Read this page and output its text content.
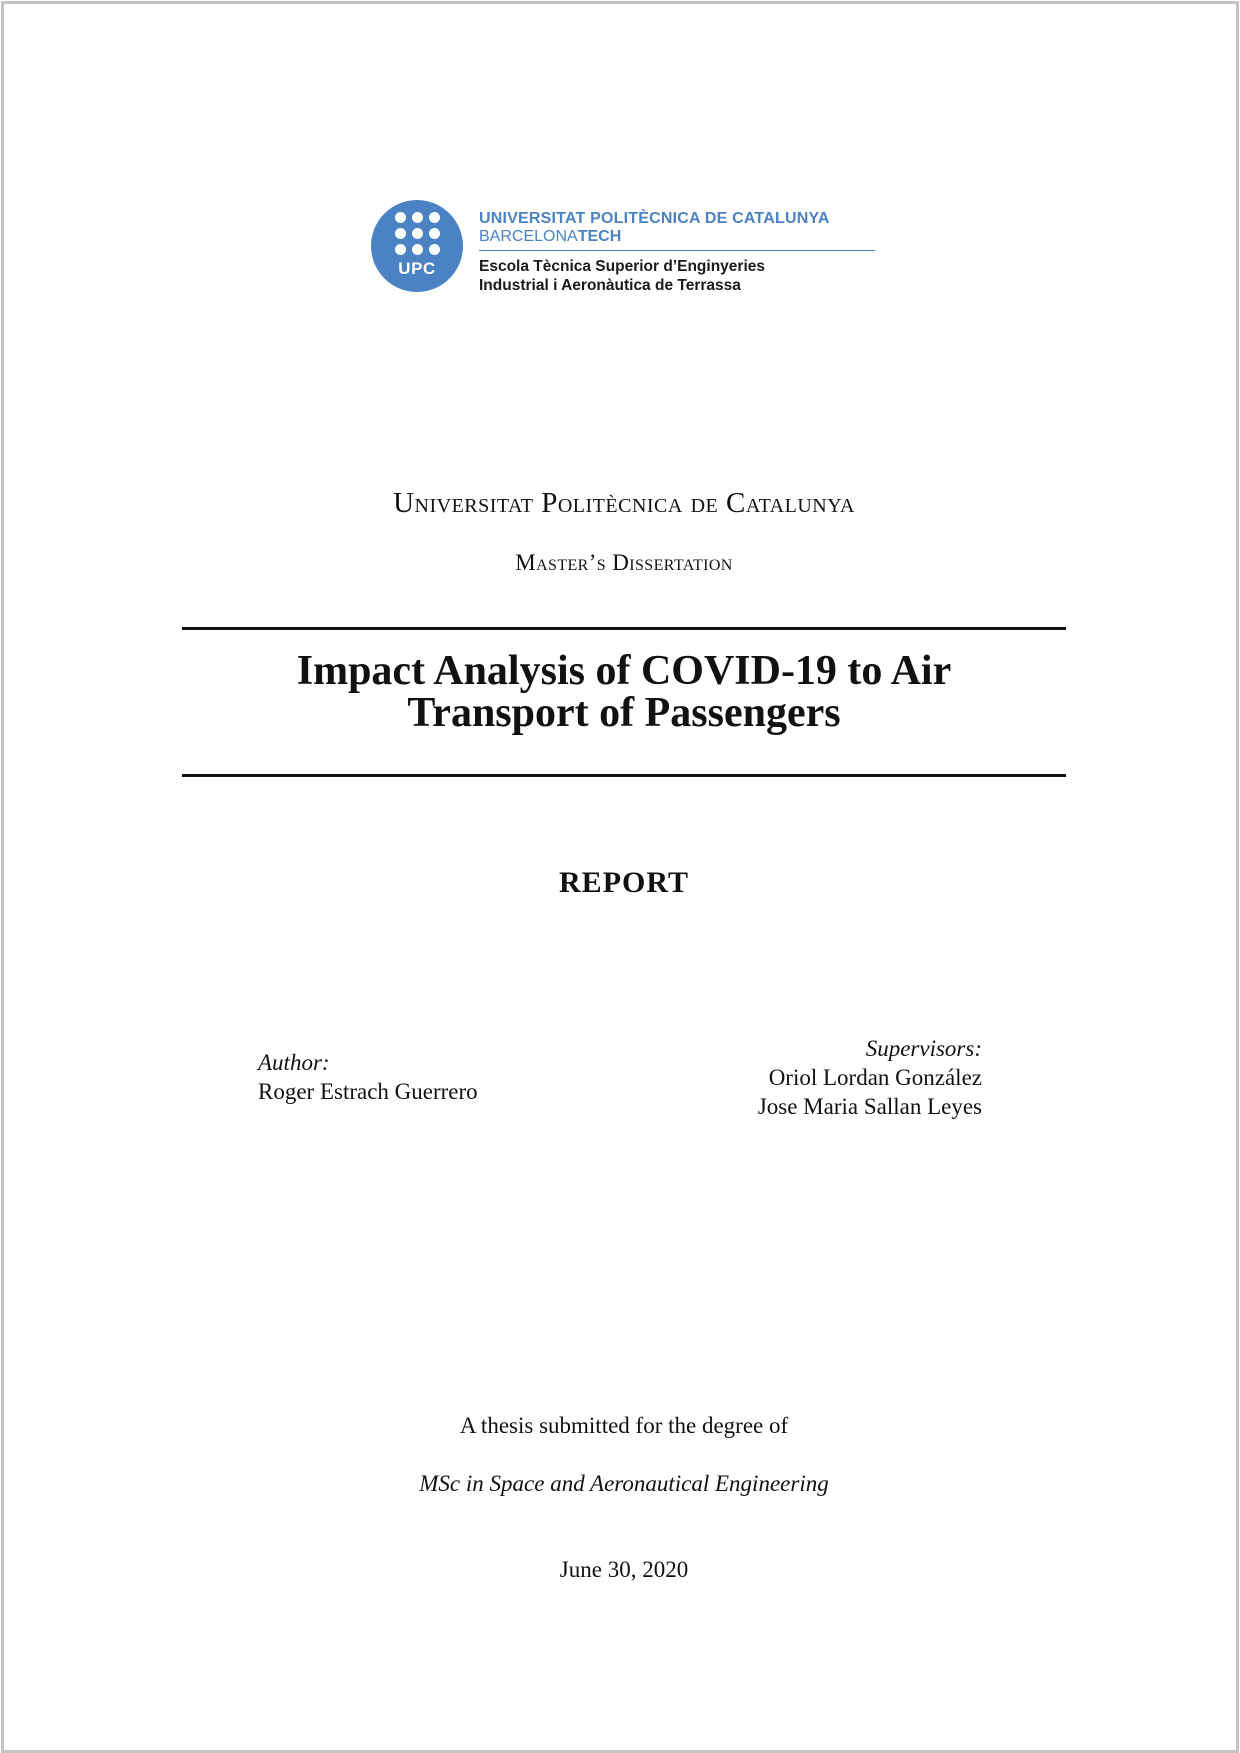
UPC
UNIVERSITAT POLITÈCNICA DE CATALUNYA
BARCELONATECH
Escola Tècnica Superior d’Enginyeries
Industrial i Aeronàutica de Terrassa
Universitat Politècnica de Catalunya
Master’s Dissertation
Impact Analysis of COVID-19 to Air
Transport of Passengers
REPORT
Author:
Roger Estrach Guerrero
Supervisors:
Oriol Lordan González
Jose Maria Sallan Leyes
A thesis submitted for the degree of
MSc in Space and Aeronautical Engineering
June 30, 2020
